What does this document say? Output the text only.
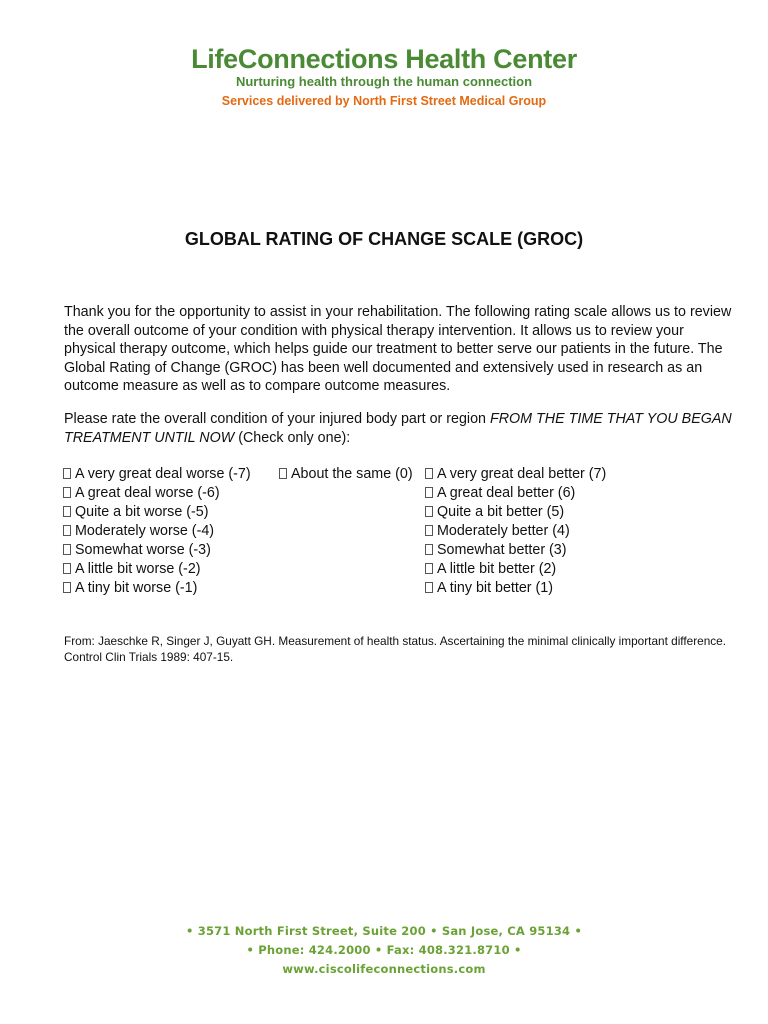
LifeConnections Health Center
Nurturing health through the human connection
Services delivered by North First Street Medical Group
GLOBAL RATING OF CHANGE SCALE (GROC)

Thank you for the opportunity to assist in your rehabilitation. The following rating scale allows us to review the overall outcome of your condition with physical therapy intervention. It allows us to review your physical therapy outcome, which helps guide our treatment to better serve our patients in the future. The Global Rating of Change (GROC) has been well documented and extensively used in research as an outcome measure as well as to compare outcome measures.

Please rate the overall condition of your injured body part or region FROM THE TIME THAT YOU BEGAN TREATMENT UNTIL NOW (Check only one):

A very great deal worse (-7)
A great deal worse (-6)
Quite a bit worse (-5)
Moderately worse (-4)
Somewhat worse (-3)
A little bit worse (-2)
A tiny bit worse (-1)
About the same (0)	A very great deal better (7)
A great deal better (6)
Quite a bit better (5)
Moderately better (4)
Somewhat better (3)
A little bit better (2)
A tiny bit better (1)

From: Jaeschke R, Singer J, Guyatt GH. Measurement of health status. Ascertaining the minimal clinically important difference. Control Clin Trials 1989: 407-15.

• 3571 North First Street, Suite 200 • San Jose, CA 95134 •
• Phone: 424.2000 • Fax: 408.321.8710 •
www.ciscolifeconnections.com
